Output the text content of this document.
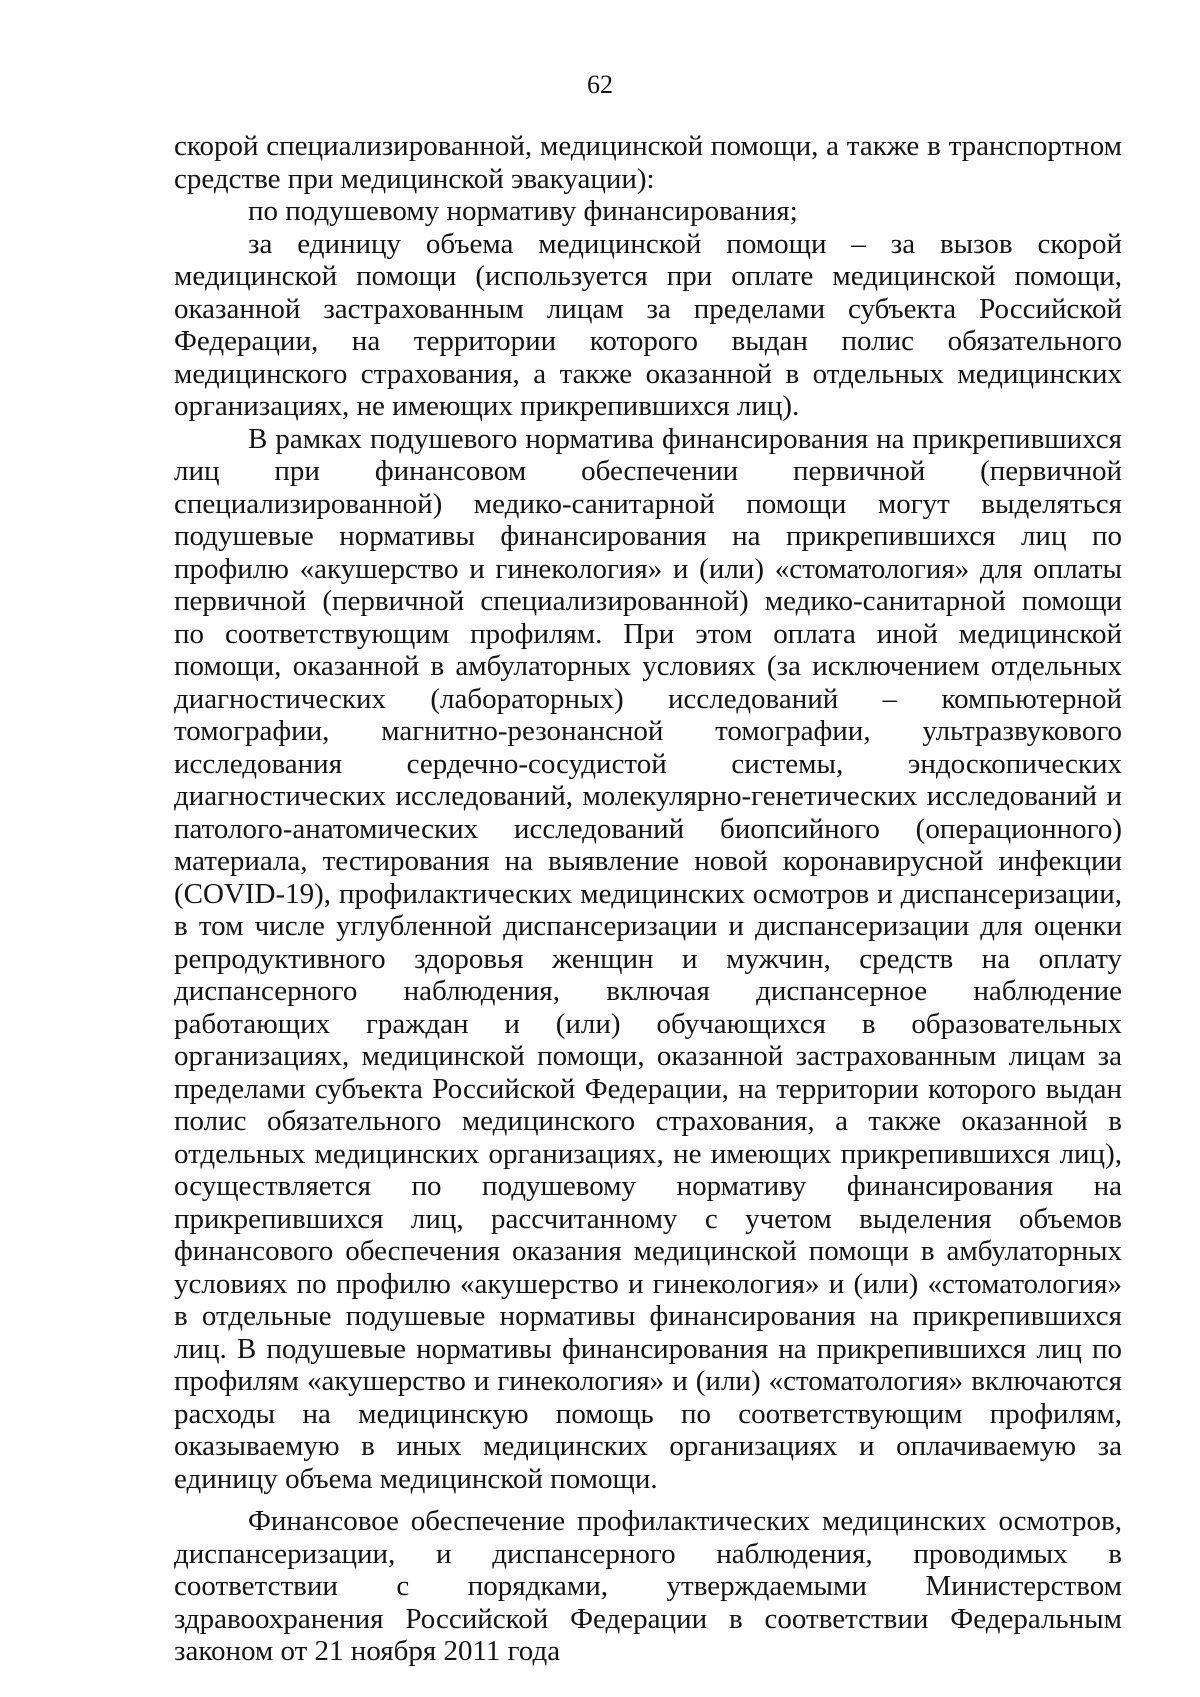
62

скорой специализированной, медицинской помощи, а также в транспортном средстве при медицинской эвакуации):

по подушевому нормативу финансирования;

за единицу объема медицинской помощи – за вызов скорой медицинской помощи (используется при оплате медицинской помощи, оказанной застрахованным лицам за пределами субъекта Российской Федерации, на территории которого выдан полис обязательного медицинского страхования, а также оказанной в отдельных медицинских организациях, не имеющих прикрепившихся лиц).

В рамках подушевого норматива финансирования на прикрепившихся лиц при финансовом обеспечении первичной (первичной специализированной) медико-санитарной помощи могут выделяться подушевые нормативы финансирования на прикрепившихся лиц по профилю «акушерство и гинекология» и (или) «стоматология» для оплаты первичной (первичной специализированной) медико-санитарной помощи по соответствующим профилям. При этом оплата иной медицинской помощи, оказанной в амбулаторных условиях (за исключением отдельных диагностических (лабораторных) исследований – компьютерной томографии, магнитно-резонансной томографии, ультразвукового исследования сердечно-сосудистой системы, эндоскопических диагностических исследований, молекулярно-генетических исследований и патолого-анатомических исследований биопсийного (операционного) материала, тестирования на выявление новой коронавирусной инфекции (COVID-19), профилактических медицинских осмотров и диспансеризации, в том числе углубленной диспансеризации и диспансеризации для оценки репродуктивного здоровья женщин и мужчин, средств на оплату диспансерного наблюдения, включая диспансерное наблюдение работающих граждан и (или) обучающихся в образовательных организациях, медицинской помощи, оказанной застрахованным лицам за пределами субъекта Российской Федерации, на территории которого выдан полис обязательного медицинского страхования, а также оказанной в отдельных медицинских организациях, не имеющих прикрепившихся лиц), осуществляется по подушевому нормативу финансирования на прикрепившихся лиц, рассчитанному с учетом выделения объемов финансового обеспечения оказания медицинской помощи в амбулаторных условиях по профилю «акушерство и гинекология» и (или) «стоматология» в отдельные подушевые нормативы финансирования на прикрепившихся лиц. В подушевые нормативы финансирования на прикрепившихся лиц по профилям «акушерство и гинекология» и (или) «стоматология» включаются расходы на медицинскую помощь по соответствующим профилям, оказываемую в иных медицинских организациях и оплачиваемую за единицу объема медицинской помощи.

Финансовое обеспечение профилактических медицинских осмотров, диспансеризации, и диспансерного наблюдения, проводимых в соответствии с порядками, утверждаемыми Министерством здравоохранения Российской Федерации в соответствии Федеральным законом от 21 ноября 2011 года
